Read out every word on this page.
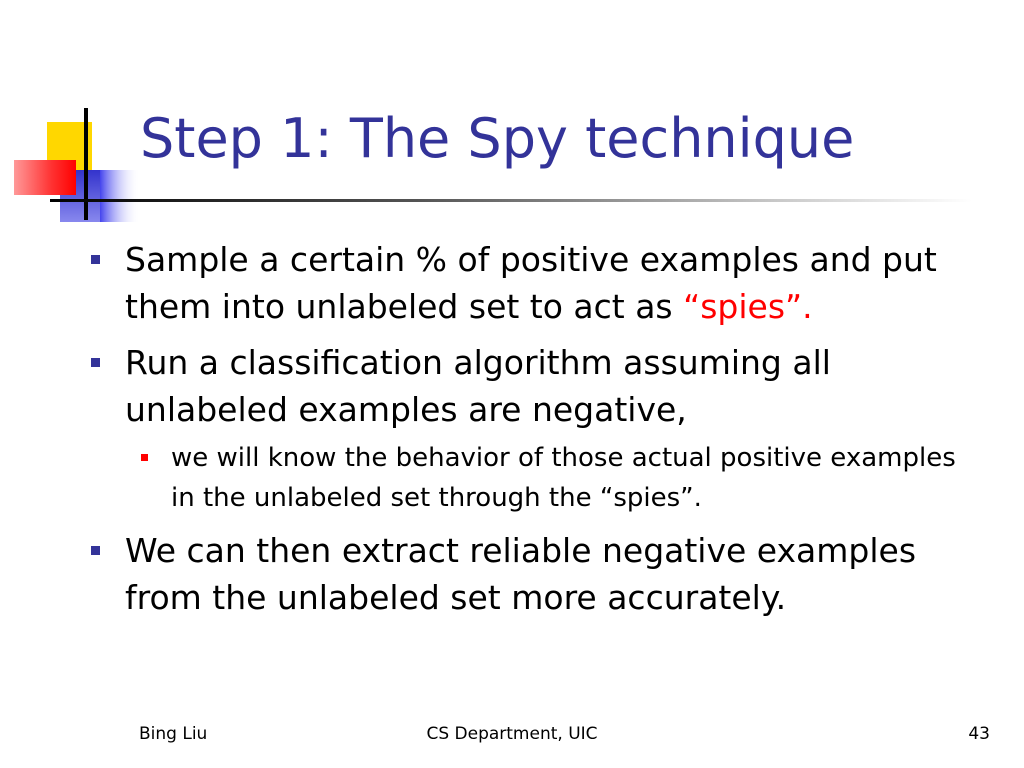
Step 1: The Spy technique
Sample a certain % of positive examples and put them into unlabeled set to act as “spies”.
Run a classification algorithm assuming all unlabeled examples are negative,
we will know the behavior of those actual positive examples in the unlabeled set through the “spies”.
We can then extract reliable negative examples from the unlabeled set more accurately.
Bing Liu	CS Department, UIC	43
